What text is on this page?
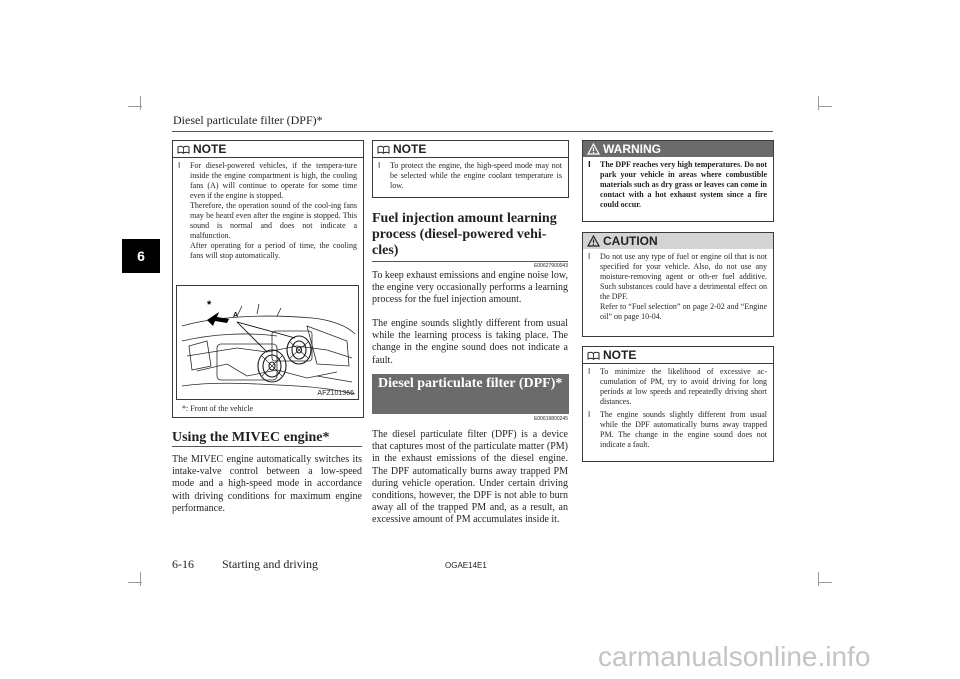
Diesel particulate filter (DPF)*
6
NOTE
l For diesel-powered vehicles, if the tempera-ture inside the engine compartment is high, the cooling fans (A) will continue to operate for some time even if the engine is stopped.

Therefore, the operation sound of the cool-ing fans may be heard even after the engine is stopped. This sound is normal and does not indicate a malfunction.

After operating for a period of time, the cooling fans will stop automatically.

*
A
AFZ101366
*: Front of the vehicle
Using the MIVEC engine*

The MIVEC engine automatically switches its intake-valve control between a low-speed mode and a high-speed mode in accordance with driving conditions for maximum engine performance.

NOTE
l To protect the engine, the high-speed mode may not be selected while the engine coolant temperature is low.

Fuel injection amount learning process (diesel-powered vehi-cles)
E00627900043

To keep exhaust emissions and engine noise low, the engine very occasionally performs a learning process for the fuel injection amount.

The engine sounds slightly different from usual while the learning process is taking place. The change in the engine sound does not indicate a fault.

Diesel particulate filter (DPF)*
E00619800245

The diesel particulate filter (DPF) is a device that captures most of the particulate matter (PM) in the exhaust emissions of the diesel engine. The DPF automatically burns away trapped PM during vehicle operation. Under certain driving conditions, however, the DPF is not able to burn away all of the trapped PM and, as a result, an excessive amount of PM accumulates inside it.

WARNING
l The DPF reaches very high temperatures. Do not park your vehicle in areas where combustible materials such as dry grass or leaves can come in contact with a hot exhaust system since a fire could occur.

CAUTION
l Do not use any type of fuel or engine oil that is not specified for your vehicle. Also, do not use any moisture-removing agent or oth-er fuel additive. Such substances could have a detrimental effect on the DPF.

Refer to “Fuel selection” on page 2-02 and “Engine oil” on page 10-04.

NOTE
l To minimize the likelihood of excessive ac-cumulation of PM, try to avoid driving for long periods at low speeds and repeatedly driving short distances.

l The engine sounds slightly different from usual while the DPF automatically burns away trapped PM. The change in the engine sound does not indicate a fault.

6-16 Starting and driving	OGAE14E1
carmanualsonline.info
